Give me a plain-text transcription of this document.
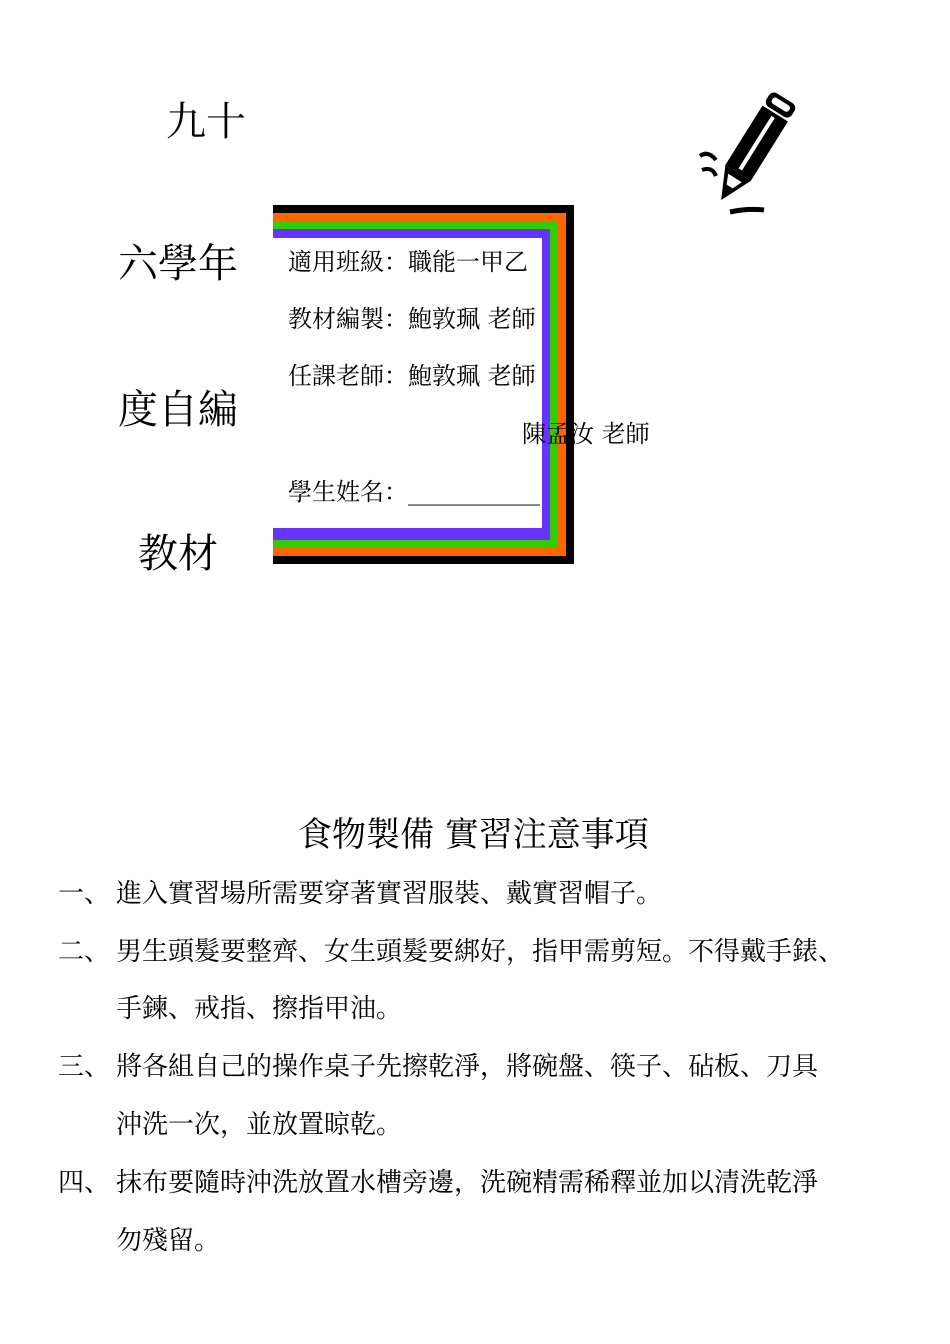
九十
六學年
度自編
教材
適用班級：職能一甲乙
教材編製：鮑敦珮 老師
任課老師：鮑敦珮 老師
陳孟汝 老師
學生姓名：___________
食物製備 實習注意事項
一、 進入實習場所需要穿著實習服裝、戴實習帽子。
二、 男生頭髮要整齊、女生頭髮要綁好，指甲需剪短。不得戴手錶、
手鍊、戒指、擦指甲油。
三、 將各組自己的操作桌子先擦乾淨，將碗盤、筷子、砧板、刀具
沖洗一次，並放置晾乾。
四、 抹布要隨時沖洗放置水槽旁邊，洗碗精需稀釋並加以清洗乾淨
勿殘留。
